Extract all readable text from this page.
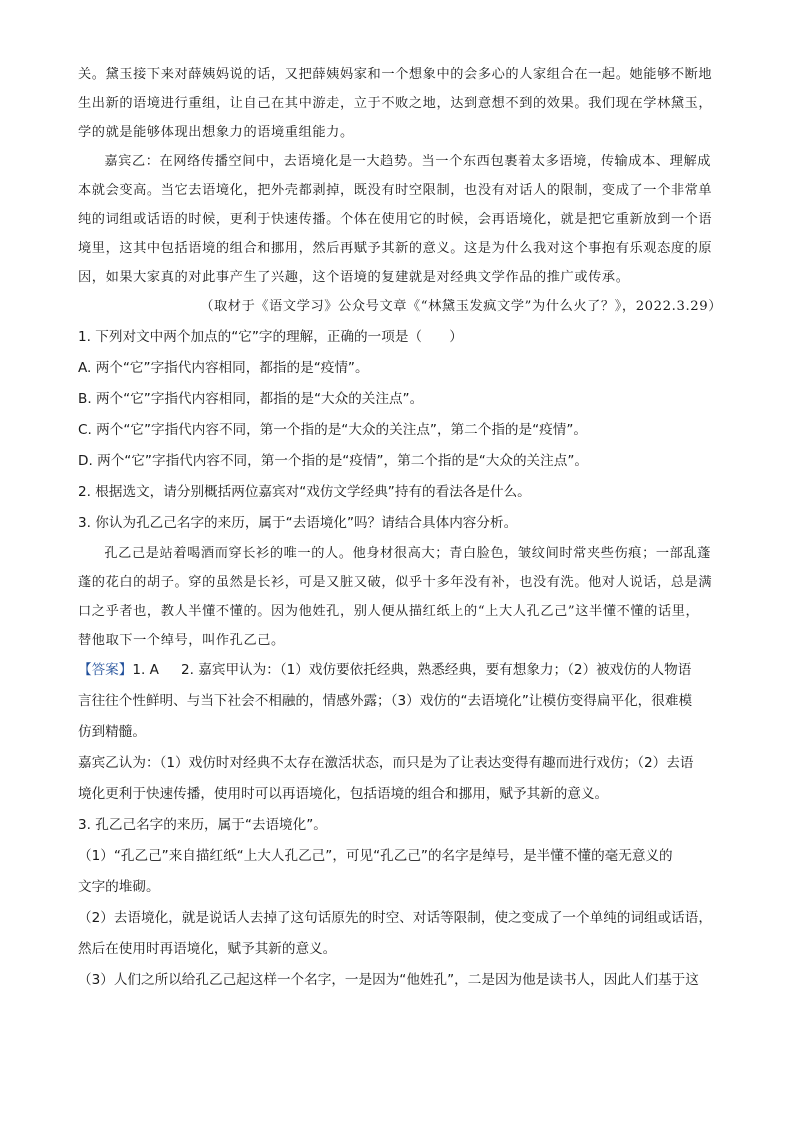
关。黛玉接下来对薛姨妈说的话，又把薛姨妈家和一个想象中的会多心的人家组合在一起。她能够不断地

生出新的语境进行重组，让自己在其中游走，立于不败之地，达到意想不到的效果。我们现在学林黛玉，

学的就是能够体现出想象力的语境重组能力。

嘉宾乙：在网络传播空间中，去语境化是一大趋势。当一个东西包裹着太多语境，传输成本、理解成

本就会变高。当它去语境化，把外壳都剥掉，既没有时空限制，也没有对话人的限制，变成了一个非常单

纯的词组或话语的时候，更利于快速传播。个体在使用它的时候，会再语境化，就是把它重新放到一个语

境里，这其中包括语境的组合和挪用，然后再赋予其新的意义。这是为什么我对这个事抱有乐观态度的原

因，如果大家真的对此事产生了兴趣，这个语境的复建就是对经典文学作品的推广或传承。

（取材于《语文学习》公众号文章《“林黛玉发疯文学”为什么火了？》，2022.3.29）

1. 下列对文中两个加点的“它”字的理解，正确的一项是（　　）

A. 两个“它”字指代内容相同，都指的是“疫情”。

B. 两个“它”字指代内容相同，都指的是“大众的关注点”。

C. 两个“它”字指代内容不同，第一个指的是“大众的关注点”，第二个指的是“疫情”。

D. 两个“它”字指代内容不同，第一个指的是“疫情”，第二个指的是“大众的关注点”。

2. 根据选文，请分别概括两位嘉宾对“戏仿文学经典”持有的看法各是什么。

3. 你认为孔乙己名字的来历，属于“去语境化”吗？请结合具体内容分析。

孔乙己是站着喝酒而穿长衫的唯一的人。他身材很高大；青白脸色，皱纹间时常夹些伤痕；一部乱蓬

蓬的花白的胡子。穿的虽然是长衫，可是又脏又破，似乎十多年没有补，也没有洗。他对人说话，总是满

口之乎者也，教人半懂不懂的。因为他姓孔，别人便从描红纸上的“上大人孔乙己”这半懂不懂的话里，

替他取下一个绰号，叫作孔乙己。

【答案】1. A 2. 嘉宾甲认为：（1）戏仿要依托经典，熟悉经典，要有想象力；（2）被戏仿的人物语

言往往个性鲜明、与当下社会不相融的，情感外露；（3）戏仿的“去语境化”让模仿变得扁平化，很难模

仿到精髓。

嘉宾乙认为：（1）戏仿时对经典不太存在激活状态，而只是为了让表达变得有趣而进行戏仿；（2）去语

境化更利于快速传播，使用时可以再语境化，包括语境的组合和挪用，赋予其新的意义。

3. 孔乙己名字的来历，属于“去语境化”。

（1）“孔乙己”来自描红纸“上大人孔乙己”，可见“孔乙己”的名字是绰号，是半懂不懂的毫无意义的

文字的堆砌。

（2）去语境化，就是说话人去掉了这句话原先的时空、对话等限制，使之变成了一个单纯的词组或话语，

然后在使用时再语境化，赋予其新的意义。

（3）人们之所以给孔乙己起这样一个名字，一是因为“他姓孔”，二是因为他是读书人，因此人们基于这
